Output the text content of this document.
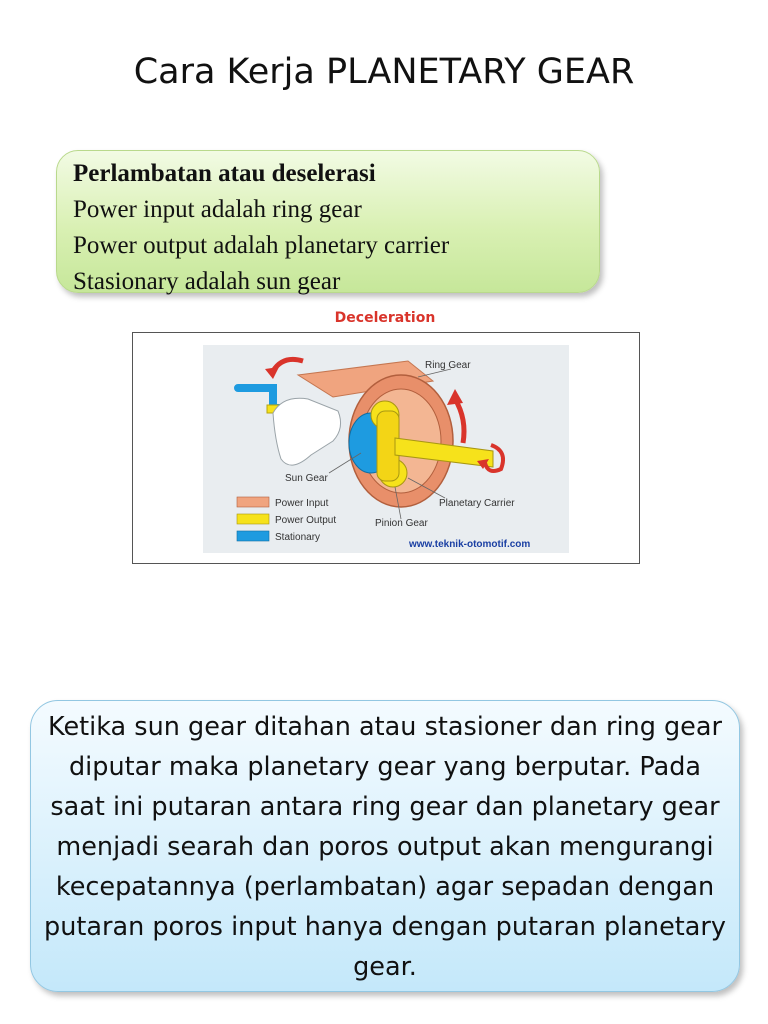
Cara Kerja PLANETARY GEAR
Perlambatan atau deselerasi
Power input adalah ring gear
Power output adalah planetary carrier
Stasionary adalah sun gear
Deceleration
Ring Gear
Sun Gear
Planetary Carrier
Pinion Gear
Power Input
Power Output
Stationary
www.teknik-otomotif.com

Ketika sun gear ditahan atau stasioner dan ring gear diputar maka planetary gear yang berputar. Pada saat ini putaran antara ring gear dan planetary gear menjadi searah dan poros output akan mengurangi kecepatannya (perlambatan) agar sepadan dengan putaran poros input hanya dengan putaran planetary gear.
